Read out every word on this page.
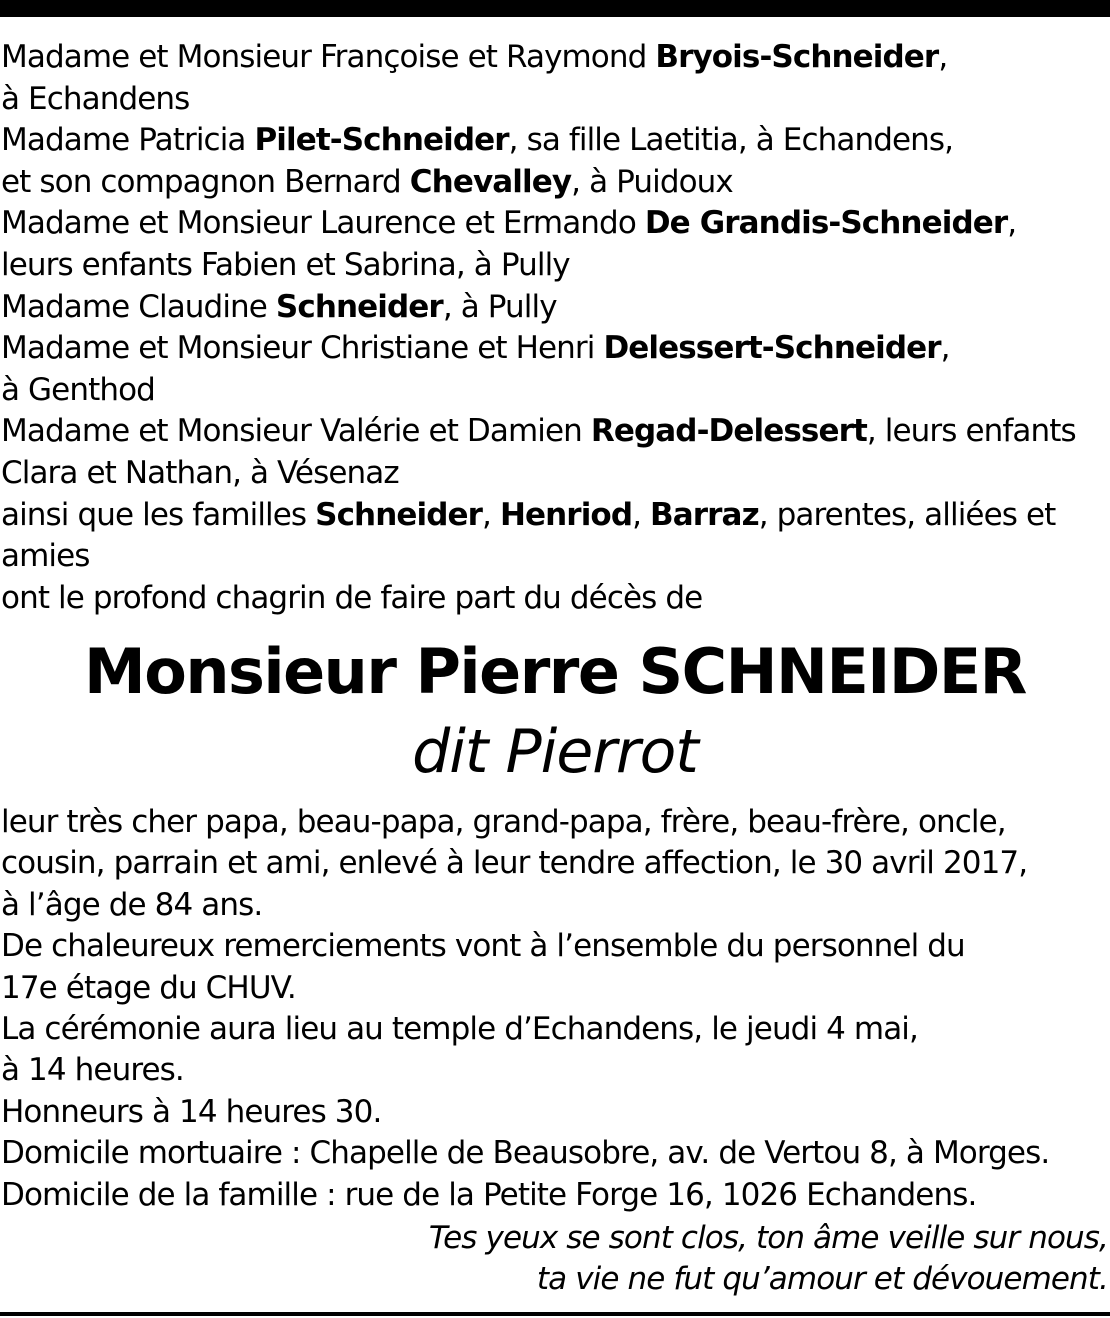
Madame et Monsieur Françoise et Raymond Bryois-Schneider,
à Echandens
Madame Patricia Pilet-Schneider, sa fille Laetitia, à Echandens,
et son compagnon Bernard Chevalley, à Puidoux
Madame et Monsieur Laurence et Ermando De Grandis-Schneider,
leurs enfants Fabien et Sabrina, à Pully
Madame Claudine Schneider, à Pully
Madame et Monsieur Christiane et Henri Delessert-Schneider,
à Genthod
Madame et Monsieur Valérie et Damien Regad-Delessert, leurs enfants
Clara et Nathan, à Vésenaz
ainsi que les familles Schneider, Henriod, Barraz, parentes, alliées et
amies
ont le profond chagrin de faire part du décès de
Monsieur Pierre SCHNEIDER
dit Pierrot
leur très cher papa, beau-papa, grand-papa, frère, beau-frère, oncle,
cousin, parrain et ami, enlevé à leur tendre affection, le 30 avril 2017,
à l’âge de 84 ans.
De chaleureux remerciements vont à l’ensemble du personnel du
17e étage du CHUV.
La cérémonie aura lieu au temple d’Echandens, le jeudi 4 mai,
à 14 heures.
Honneurs à 14 heures 30.
Domicile mortuaire : Chapelle de Beausobre, av. de Vertou 8, à Morges.
Domicile de la famille : rue de la Petite Forge 16, 1026 Echandens.
Tes yeux se sont clos, ton âme veille sur nous,
ta vie ne fut qu’amour et dévouement.
